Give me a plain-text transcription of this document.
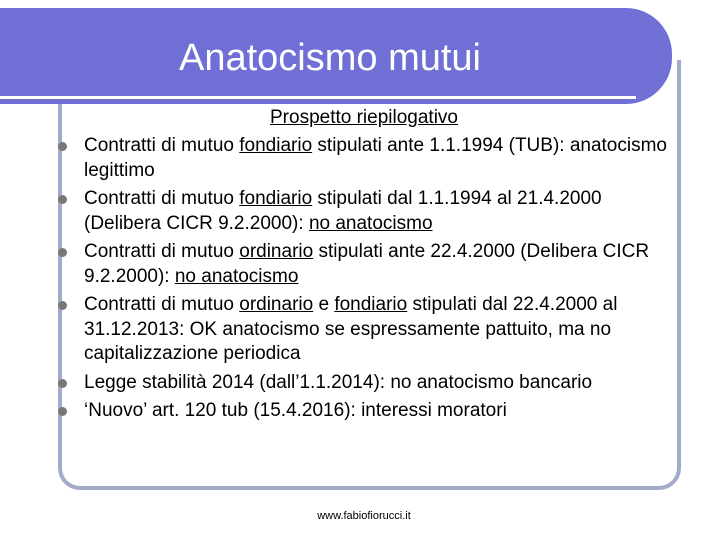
Anatocismo mutui
Prospetto riepilogativo
Contratti di mutuo fondiario stipulati ante 1.1.1994 (TUB): anatocismo legittimo
Contratti di mutuo fondiario stipulati dal 1.1.1994 al 21.4.2000 (Delibera CICR 9.2.2000): no anatocismo
Contratti di mutuo ordinario stipulati ante 22.4.2000 (Delibera CICR 9.2.2000): no anatocismo
Contratti di mutuo ordinario e fondiario stipulati dal 22.4.2000 al 31.12.2013: OK anatocismo se espressamente pattuito, ma no capitalizzazione periodica
Legge stabilità 2014 (dall’1.1.2014): no anatocismo bancario
‘Nuovo’ art. 120 tub (15.4.2016): interessi moratori
www.fabiofiorucci.it
